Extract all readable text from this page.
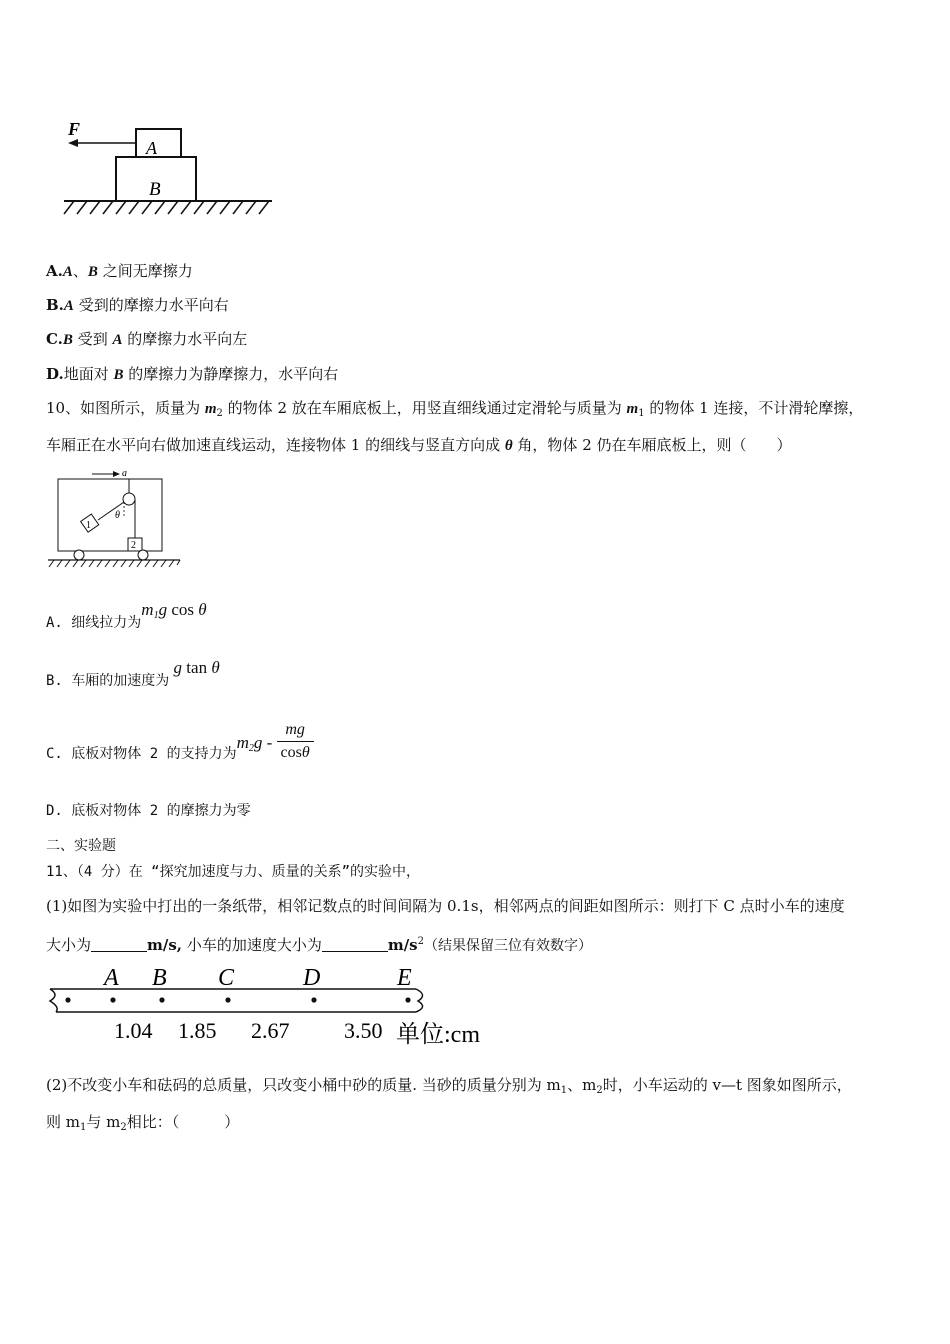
F
A
B
A.A、B 之间无摩擦力
B.A 受到的摩擦力水平向右
C.B 受到 A 的摩擦力水平向左
D.地面对 B 的摩擦力为静摩擦力，水平向右
10、如图所示，质量为 $m_2$ 的物体 2 放在车厢底板上，用竖直细线通过定滑轮与质量为 $m_1$ 的物体 1 连接，不计滑轮摩擦，
车厢正在水平向右做加速直线运动，连接物体 1 的细线与竖直方向成 θ 角，物体 2 仍在车厢底板上，则（　　）
a
θ
1
2
A. 细线拉力为$m_1g$ cos θ
B. 车厢的加速度为 g tan θ
C. 底板对物体 2 的支持力为$m_2g - \frac{mg}{\cos\theta}$
D. 底板对物体 2 的摩擦力为零
二、实验题
11、（4 分）在 “探究加速度与力、质量的关系”的实验中，
(1)如图为实验中打出的一条纸带，相邻记数点的时间间隔为 0.1s，相邻两点的间距如图所示：则打下 C 点时小车的速度
大小为	m/s, 小车的加速度大小为	$m/s^2$（结果保留三位有效数字）
A B C	D	E
1.04 1.85 2.67 3.50 单位:cm
(2)不改变小车和砝码的总质量，只改变小桶中砂的质量. 当砂的质量分别为 $m_1$、$m_2$时，小车运动的 v—t 图象如图所示，
则 $m_1$与 $m_2$相比：（　　　）
